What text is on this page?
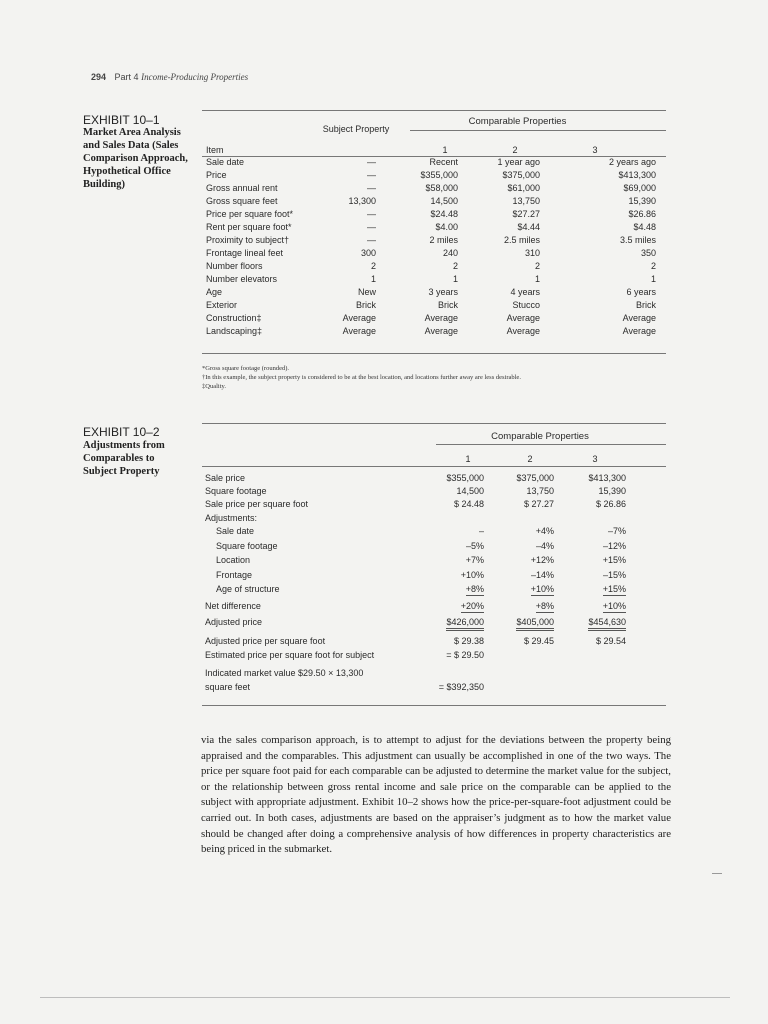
294 Part 4 Income-Producing Properties
EXHIBIT 10–1
Market Area Analysis and Sales Data (Sales Comparison Approach, Hypothetical Office Building)
Comparable Properties
Subject Property
Item	1	2	3
Sale date	—	Recent	1 year ago	2 years ago
Price	—	$355,000	$375,000	$413,300
Gross annual rent	—	$58,000	$61,000	$69,000
Gross square feet	13,300	14,500	13,750	15,390
Price per square foot*	—	$24.48	$27.27	$26.86
Rent per square foot*	—	$4.00	$4.44	$4.48
Proximity to subject†	—	2 miles	2.5 miles	3.5 miles
Frontage lineal feet	300	240	310	350
Number floors	2	2	2	2
Number elevators	1	1	1	1
Age	New	3 years	4 years	6 years
Exterior	Brick	Brick	Stucco	Brick
Construction‡	Average	Average	Average	Average
Landscaping‡	Average	Average	Average	Average
*Gross square footage (rounded).
†In this example, the subject property is considered to be at the best location, and locations further away are less desirable.
‡Quality.
EXHIBIT 10–2
Adjustments from Comparables to Subject Property
Comparable Properties
1	2	3
Sale price	$355,000	$375,000	$413,300
Square footage	14,500	13,750	15,390
Sale price per square foot	$ 24.48	$ 27.27	$ 26.86
Adjustments:
Sale date	–	+4%	–7%
Square footage	–5%	–4%	–12%
Location	+7%	+12%	+15%
Frontage	+10%	–14%	–15%
Age of structure	+8%	+10%	+15%
Net difference	+20%	+8%	+10%
Adjusted price	$426,000	$405,000	$454,630
Adjusted price per square foot	$ 29.38	$ 29.45	$ 29.54
Estimated price per square foot for subject	= $ 29.50
Indicated market value $29.50 × 13,300
square feet	= $392,350
via the sales comparison approach, is to attempt to adjust for the deviations between the property being appraised and the comparables. This adjustment can usually be accomplished in one of the two ways. The price per square foot paid for each comparable can be adjusted to determine the market value for the subject, or the relationship between gross rental income and sale price on the comparable can be applied to the subject with appropriate adjustment. Exhibit 10–2 shows how the price-per-square-foot adjustment could be carried out. In both cases, adjustments are based on the appraiser’s judgment as to how the market value should be changed after doing a comprehensive analysis of how differences in property characteristics are being priced in the submarket.
